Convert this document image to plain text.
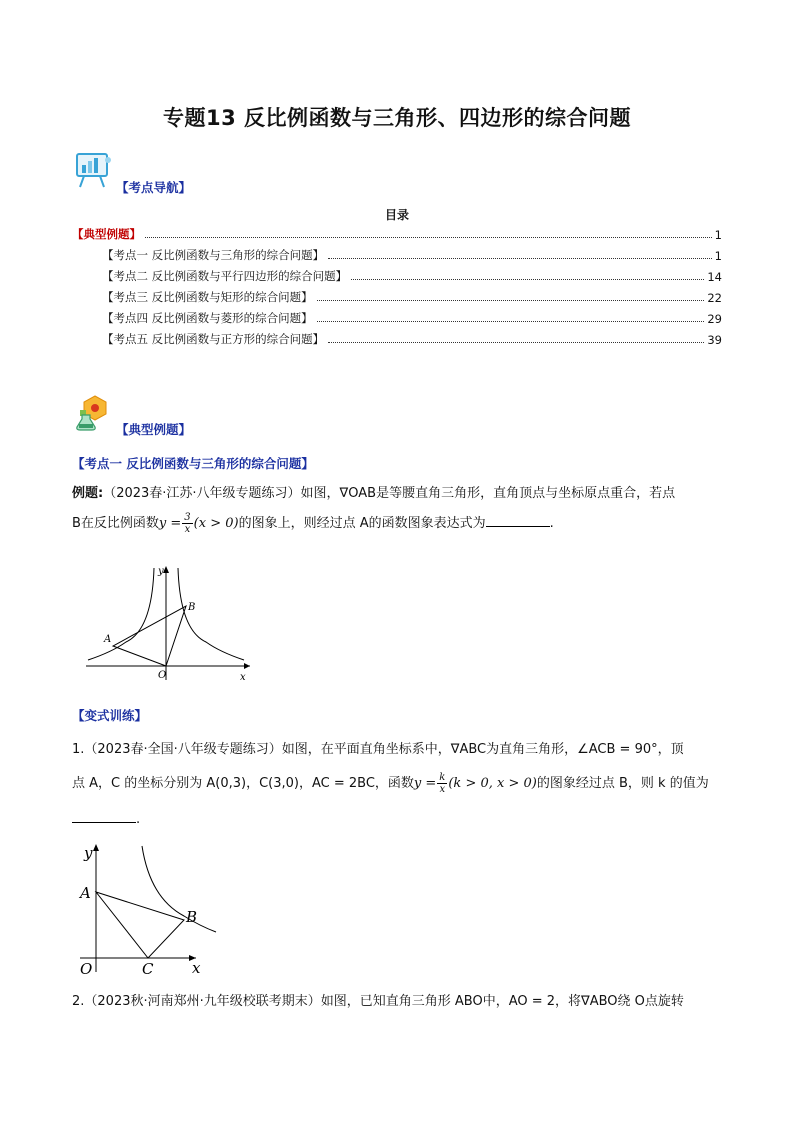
专题13 反比例函数与三角形、四边形的综合问题
【考点导航】
目录
【典型例题】	1
【考点一 反比例函数与三角形的综合问题】	1
【考点二 反比例函数与平行四边形的综合问题】	14
【考点三 反比例函数与矩形的综合问题】	22
【考点四 反比例函数与菱形的综合问题】	29
【考点五 反比例函数与正方形的综合问题】	39
【典型例题】
【考点一 反比例函数与三角形的综合问题】
例题:（2023春·江苏·八年级专题练习）如图，∇OAB是等腰直角三角形，直角顶点与坐标原点重合，若点
B在反比例函数$y = \frac{3}{x} (x > 0)$的图象上，则经过点 A的函数图象表达式为	.
y
x
O
A
B
【变式训练】
1.（2023春·全国·八年级专题练习）如图，在平面直角坐标系中，∇ABC为直角三角形，∠ACB = 90°，顶
点 A，C 的坐标分别为 A(0,3)，C(3,0)，AC = 2BC，函数$y = \frac{k}{x} (k > 0$, x > 0)的图象经过点 B，则 k 的值为
.
y
x
O
A
B
C
2.（2023秋·河南郑州·九年级校联考期末）如图，已知直角三角形 ABO中，AO = 2，将∇ABO绕 O点旋转
